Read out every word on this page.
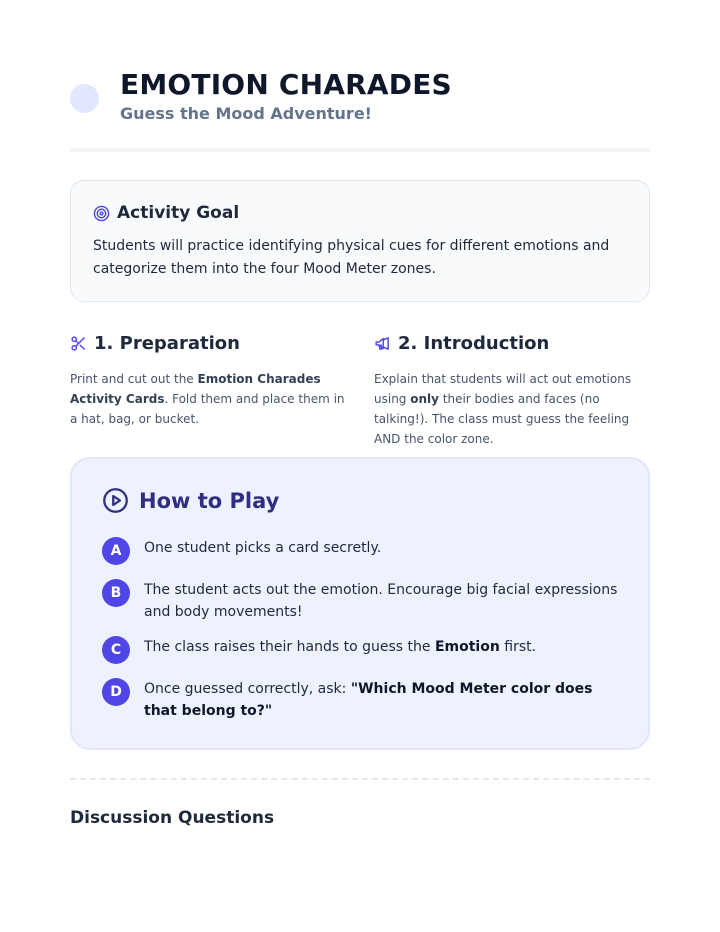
EMOTION CHARADES
Guess the Mood Adventure!
Activity Goal

Students will practice identifying physical cues for different emotions and categorize them into the four Mood Meter zones.

1. Preparation

Print and cut out the Emotion Charades Activity Cards. Fold them and place them in a hat, bag, or bucket.

2. Introduction

Explain that students will act out emotions using only their bodies and faces (no talking!). The class must guess the feeling AND the color zone.

How to Play
A	One student picks a card secretly.

B	The student acts out the emotion. Encourage big facial expressions and body movements!

C	The class raises their hands to guess the Emotion first.

D	Once guessed correctly, ask: "Which Mood Meter color does that belong to?"

Discussion Questions
